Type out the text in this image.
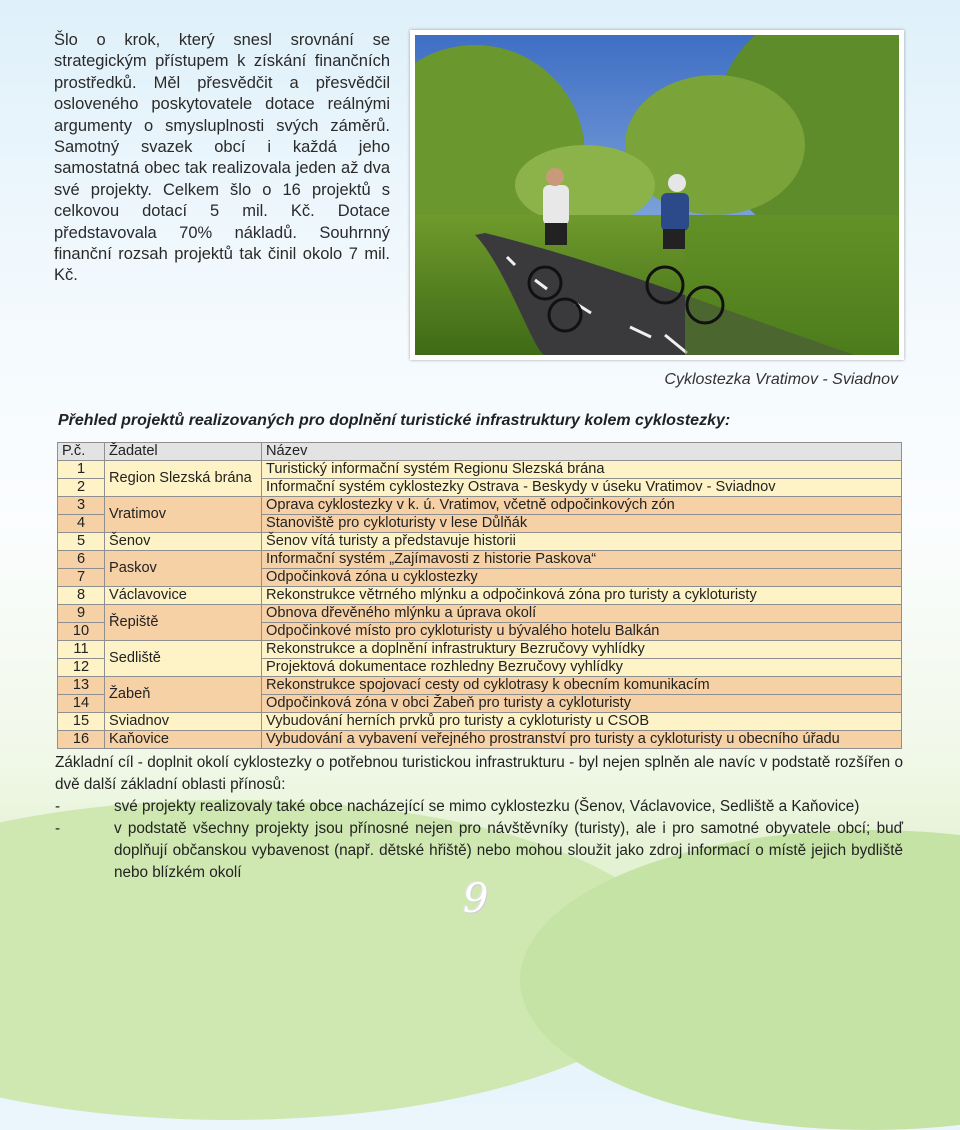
Šlo o krok, který snesl srovnání se strategickým přístupem k získání finančních prostředků. Měl přesvědčit a přesvědčil osloveného poskytovatele dotace reálnými argumenty o smysluplnosti svých záměrů. Samotný svazek obcí i každá jeho samostatná obec tak realizovala jeden až dva své projekty. Celkem šlo o 16 projektů s celkovou dotací 5 mil. Kč. Dotace představovala 70% nákladů. Souhrnný finanční rozsah projektů tak činil okolo 7 mil. Kč.
Cyklostezka Vratimov - Sviadnov
Přehled projektů realizovaných pro doplnění turistické infrastruktury kolem cyklostezky:
P.č.	Žadatel	Název
1	Region Slezská brána	Turistický informační systém Regionu Slezská brána
2		Informační systém cyklostezky Ostrava - Beskydy v úseku Vratimov - Sviadnov
3	Vratimov	Oprava cyklostezky v k. ú. Vratimov, včetně odpočinkových zón
4		Stanoviště pro cykloturisty v lese Důlňák
5	Šenov	Šenov vítá turisty a představuje historii
6	Paskov	Informační systém „Zajímavosti z historie Paskova“
7		Odpočinková zóna u cyklostezky
8	Václavovice	Rekonstrukce větrného mlýnku a odpočinková zóna pro turisty a cykloturisty
9	Řepiště	Obnova dřevěného mlýnku a úprava okolí
10		Odpočinkové místo pro cykloturisty u bývalého hotelu Balkán
11	Sedliště	Rekonstrukce a doplnění infrastruktury Bezručovy vyhlídky
12		Projektová dokumentace rozhledny Bezručovy vyhlídky
13	Žabeň	Rekonstrukce spojovací cesty od cyklotrasy k obecním komunikacím
14		Odpočinková zóna v obci Žabeň pro turisty a cykloturisty
15	Sviadnov	Vybudování herních prvků pro turisty a cykloturisty u CSOB
16	Kaňovice	Vybudování a vybavení veřejného prostranství pro turisty a cykloturisty u obecního úřadu
Základní cíl - doplnit okolí cyklostezky o potřebnou turistickou infrastrukturu - byl nejen splněn ale navíc v podstatě rozšířen o dvě další základní oblasti přínosů:
-	své projekty realizovaly také obce nacházející se mimo cyklostezku (Šenov, Václavovice, Sedliště a Kaňovice)
-	v podstatě všechny projekty jsou přínosné nejen pro návštěvníky (turisty), ale i pro samotné obyvatele obcí; buď doplňují občanskou vybavenost (např. dětské hřiště) nebo mohou sloužit jako zdroj informací o místě jejich bydliště nebo blízkém okolí
9
